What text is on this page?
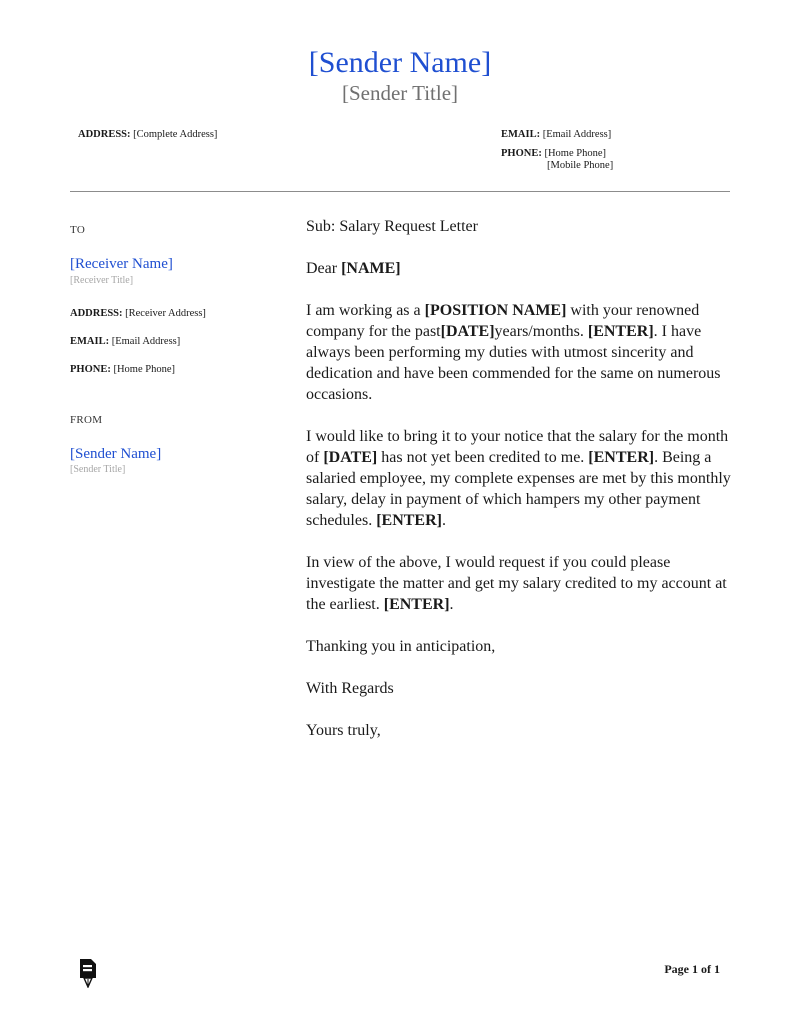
[Sender Name]
[Sender Title]
ADDRESS: [Complete Address]	EMAIL: [Email Address]
PHONE: [Home Phone]
[Mobile Phone]
TO
[Receiver Name]
[Receiver Title]
ADDRESS: [Receiver Address]
EMAIL: [Email Address]
PHONE: [Home Phone]
FROM
[Sender Name]
[Sender Title]
Sub: Salary Request Letter
Dear [NAME]
I am working as a [POSITION NAME] with your renowned company for the past[DATE]years/months. [ENTER]. I have always been performing my duties with utmost sincerity and dedication and have been commended for the same on numerous occasions.
I would like to bring it to your notice that the salary for the month of [DATE] has not yet been credited to me. [ENTER]. Being a salaried employee, my complete expenses are met by this monthly salary, delay in payment of which hampers my other payment schedules. [ENTER].
In view of the above, I would request if you could please investigate the matter and get my salary credited to my account at the earliest. [ENTER].
Thanking you in anticipation,
With Regards
Yours truly,
Page 1 of 1
